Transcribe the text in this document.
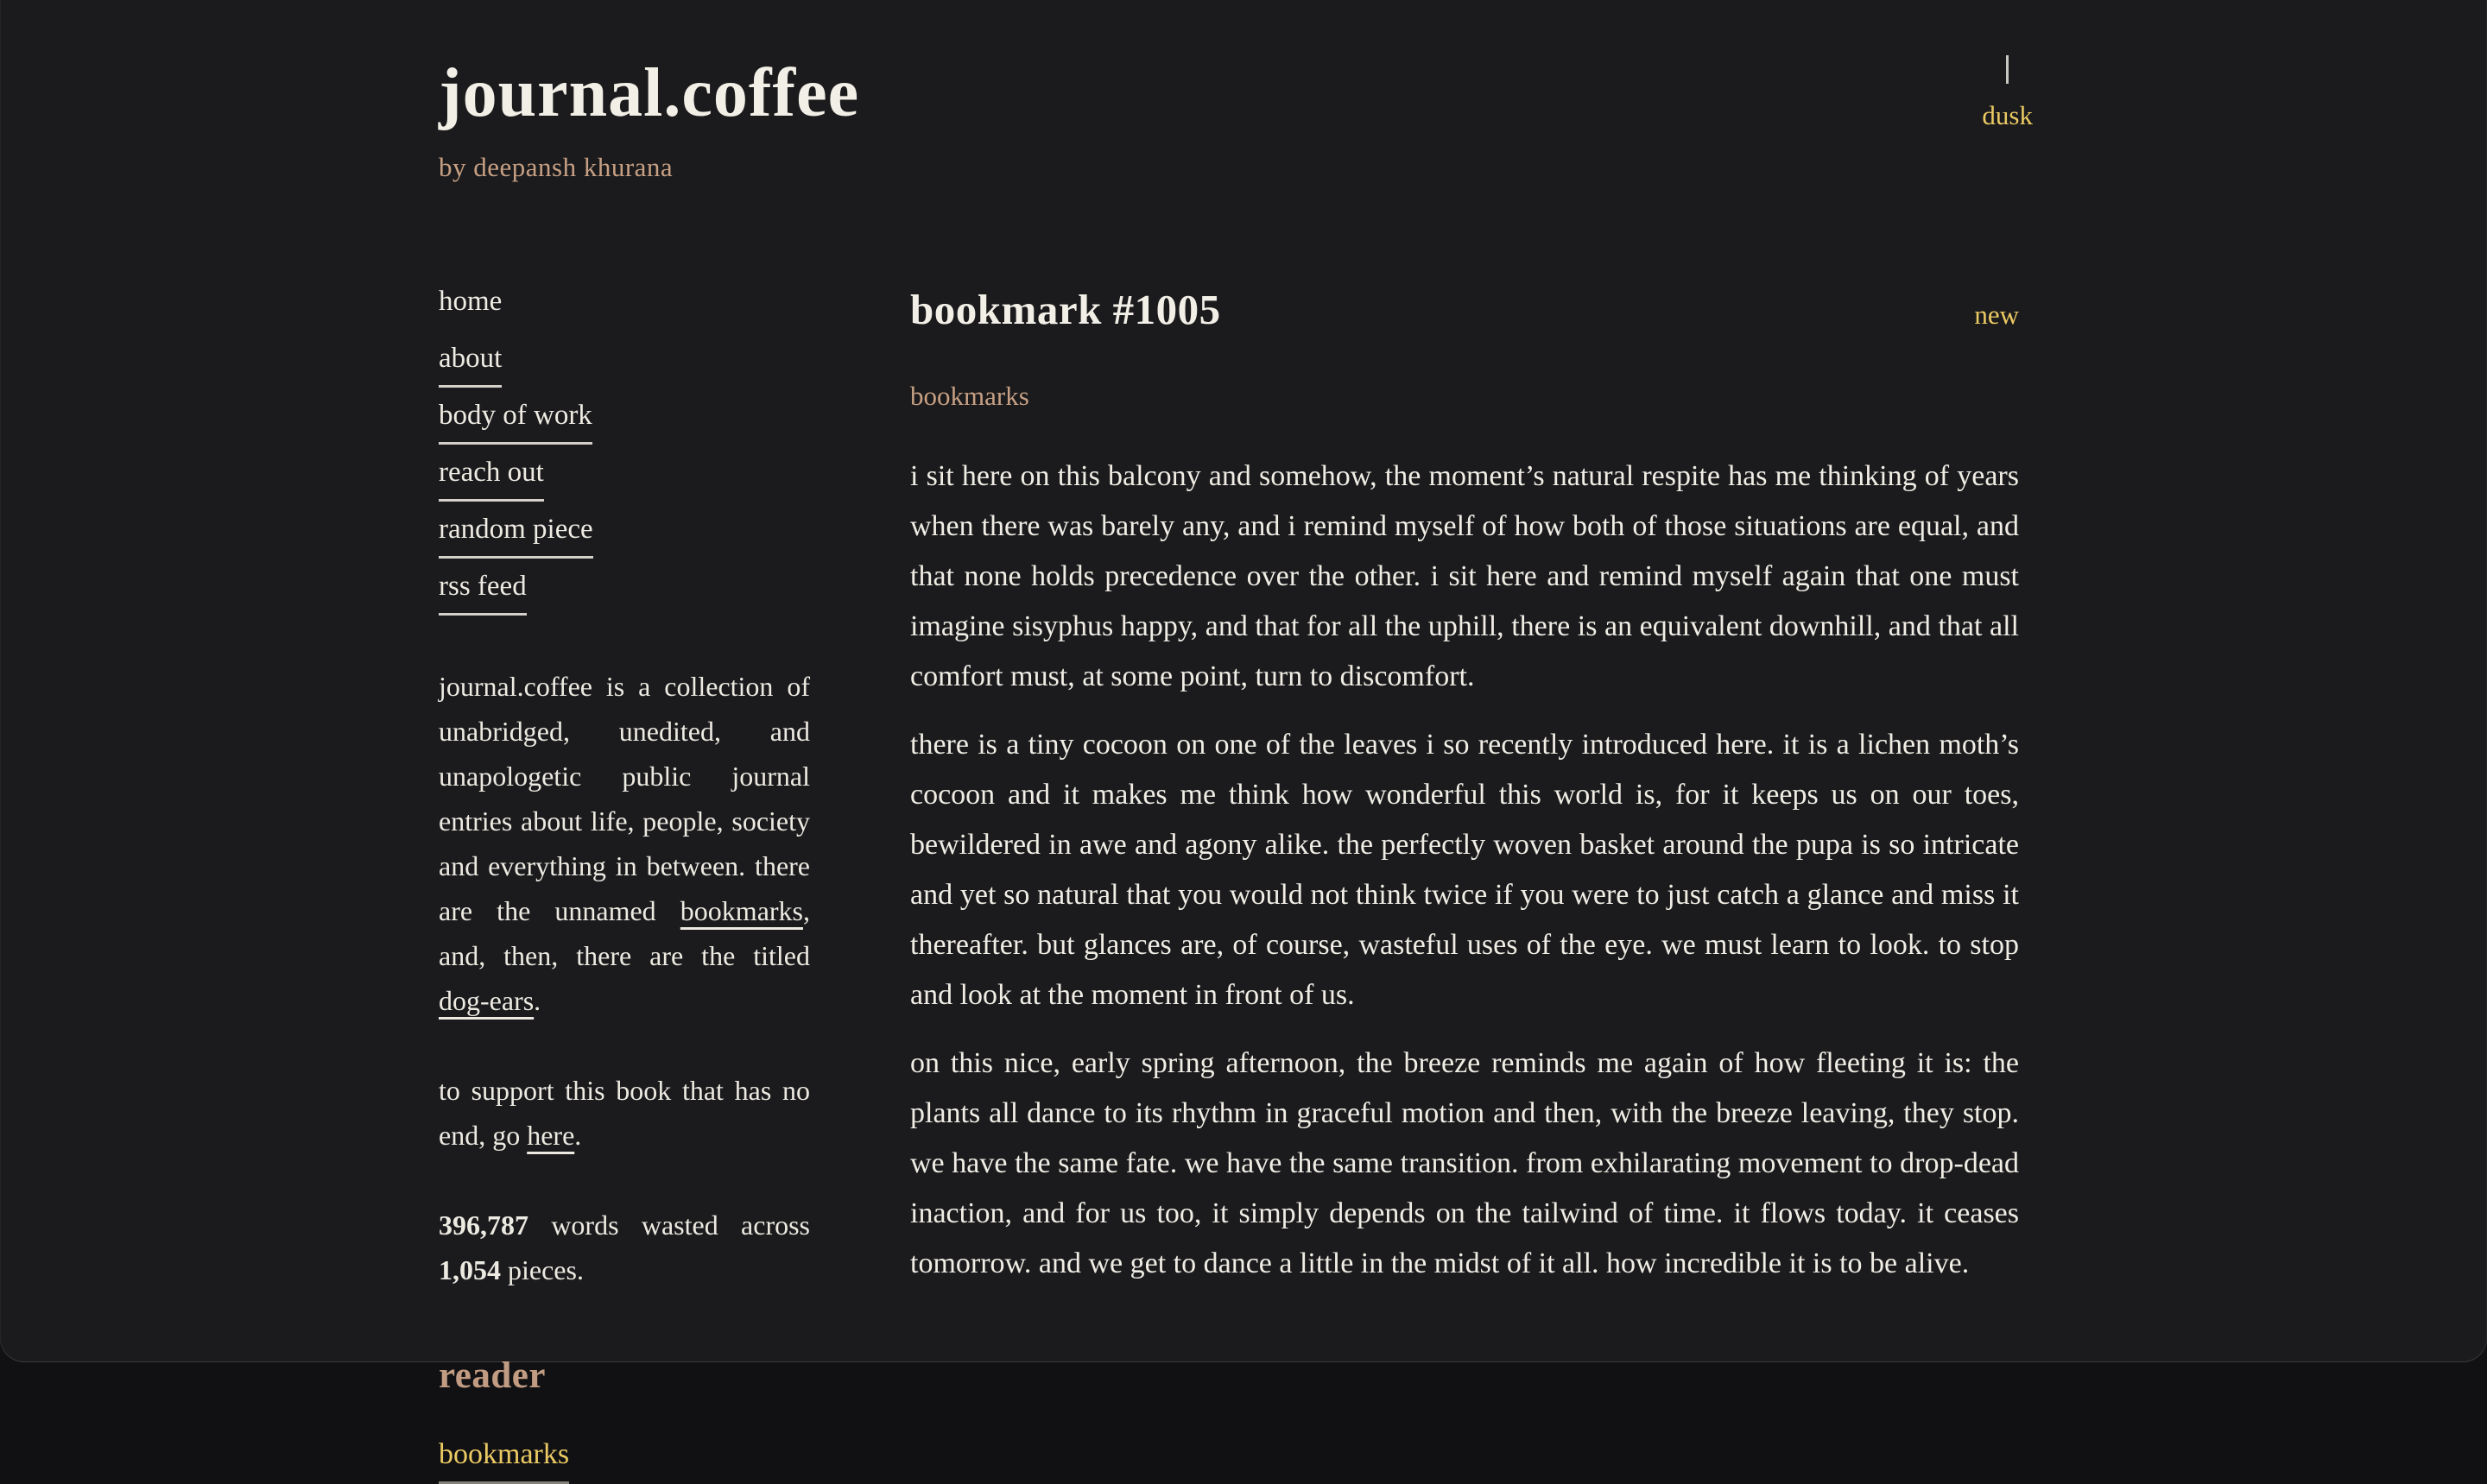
journal.coffee
by deepansh khurana
dusk
home
about
body of work
reach out
random piece
rss feed

journal.coffee is a collection of unabridged, unedited, and unapologetic public journal entries about life, people, society and everything in between. there are the unnamed bookmarks, and, then, there are the titled dog-ears.

to support this book that has no end, go here.

396,787 words wasted across 1,054 pieces.

reader
bookmarks
bookmark #1005	new
bookmarks

i sit here on this balcony and somehow, the moment’s natural respite has me thinking of years when there was barely any, and i remind myself of how both of those situations are equal, and that none holds precedence over the other. i sit here and remind myself again that one must imagine sisyphus happy, and that for all the uphill, there is an equivalent downhill, and that all comfort must, at some point, turn to discomfort.

there is a tiny cocoon on one of the leaves i so recently introduced here. it is a lichen moth’s cocoon and it makes me think how wonderful this world is, for it keeps us on our toes, bewildered in awe and agony alike. the perfectly woven basket around the pupa is so intricate and yet so natural that you would not think twice if you were to just catch a glance and miss it thereafter. but glances are, of course, wasteful uses of the eye. we must learn to look. to stop and look at the moment in front of us.

on this nice, early spring afternoon, the breeze reminds me again of how fleeting it is: the plants all dance to its rhythm in graceful motion and then, with the breeze leaving, they stop. we have the same fate. we have the same transition. from exhilarating movement to drop-dead inaction, and for us too, it simply depends on the tailwind of time. it flows today. it ceases tomorrow. and we get to dance a little in the midst of it all. how incredible it is to be alive.
